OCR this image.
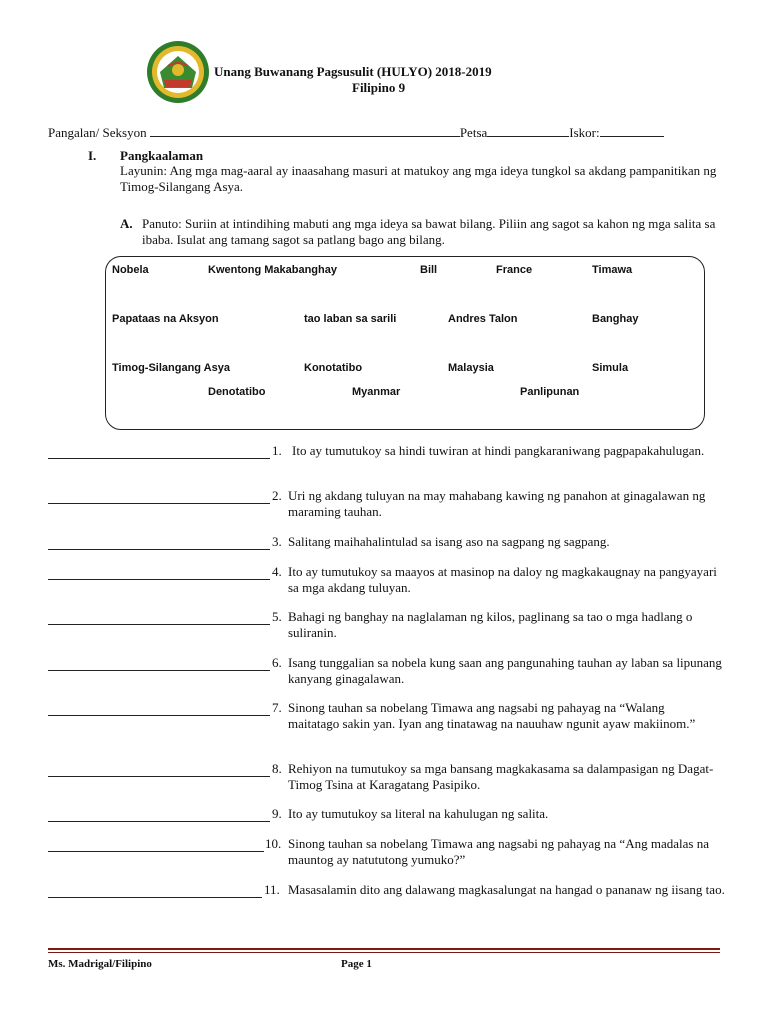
Unang Buwanang Pagsusulit (HULYO) 2018-2019
Filipino 9
Pangalan/ Seksyon	Petsa	Iskor:
I. Pangkaalaman
Layunin: Ang mga mag-aaral ay inaasahang masuri at matukoy ang mga ideya tungkol sa akdang pampanitikan ng Timog-Silangang Asya.
A. Panuto: Suriin at intindihing mabuti ang mga ideya sa bawat bilang. Piliin ang sagot sa kahon ng mga salita sa ibaba. Isulat ang tamang sagot sa patlang bago ang bilang.
Nobela	Kwentong Makabanghay	Bill	France	Timawa
Papataas na Aksyon	tao laban sa sarili	Andres Talon	Banghay
Timog-Silangang Asya	Konotatibo	Malaysia	Simula
Denotatibo	Myanmar	Panlipunan
1. Ito ay tumutukoy sa hindi tuwiran at hindi pangkaraniwang pagpapakahulugan.
2. Uri ng akdang tuluyan na may mahabang kawing ng panahon at ginagalawan ng maraming tauhan.
3. Salitang maihahalintulad sa isang aso na sagpang ng sagpang.
4. Ito ay tumutukoy sa maayos at masinop na daloy ng magkakaugnay na pangyayari sa mga akdang tuluyan.
5. Bahagi ng banghay na naglalaman ng kilos, paglinang sa tao o mga hadlang o suliranin.
6. Isang tunggalian sa nobela kung saan ang pangunahing tauhan ay laban sa lipunang kanyang ginagalawan.
7. Sinong tauhan sa nobelang Timawa ang nagsabi ng pahayag na “Walang maitatago sakin yan. Iyan ang tinatawag na nauuhaw ngunit ayaw makiinom.”
8. Rehiyon na tumutukoy sa mga bansang magkakasama sa dalampasigan ng Dagat- Timog Tsina at Karagatang Pasipiko.
9. Ito ay tumutukoy sa literal na kahulugan ng salita.
10. Sinong tauhan sa nobelang Timawa ang nagsabi ng pahayag na “Ang madalas na mauntog ay natututong yumuko?”
11. Masasalamin dito ang dalawang magkasalungat na hangad o pananaw ng iisang tao.
Ms. Madrigal/Filipino	Page 1
